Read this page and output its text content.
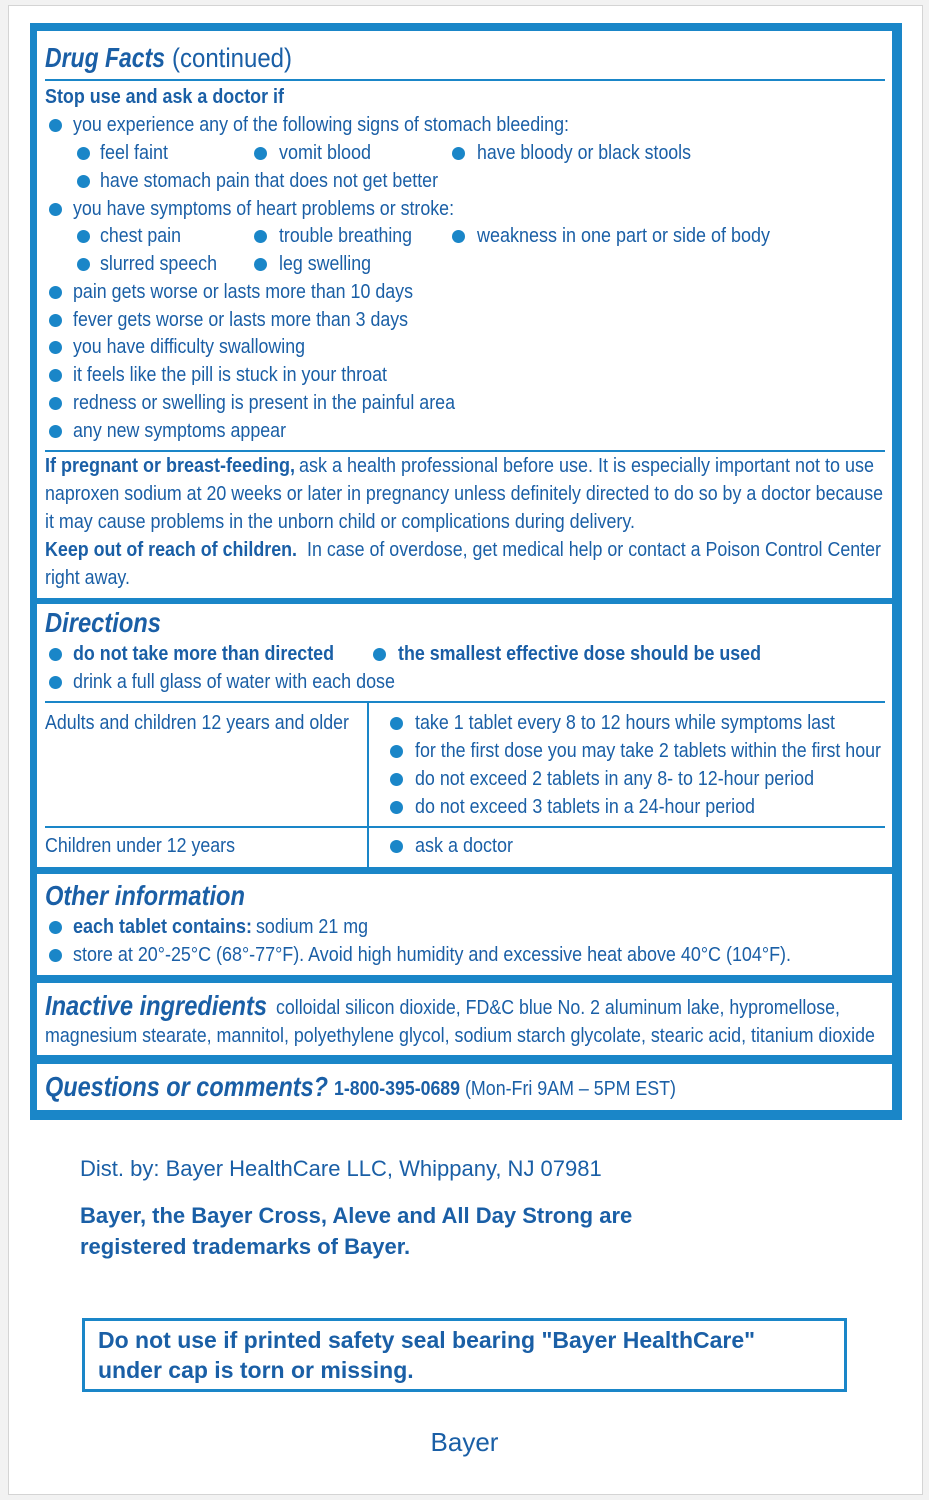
Drug Facts (continued)
Stop use and ask a doctor if
you experience any of the following signs of stomach bleeding:
feel faint	vomit blood	have bloody or black stools
have stomach pain that does not get better
you have symptoms of heart problems or stroke:
chest pain	trouble breathing	weakness in one part or side of body
slurred speech	leg swelling
pain gets worse or lasts more than 10 days
fever gets worse or lasts more than 3 days
you have difficulty swallowing
it feels like the pill is stuck in your throat
redness or swelling is present in the painful area
any new symptoms appear
If pregnant or breast-feeding, ask a health professional before use. It is especially important not to use
naproxen sodium at 20 weeks or later in pregnancy unless definitely directed to do so by a doctor because
it may cause problems in the unborn child or complications during delivery.
Keep out of reach of children. In case of overdose, get medical help or contact a Poison Control Center
right away.
Directions
do not take more than directed	the smallest effective dose should be used
drink a full glass of water with each dose
Adults and children 12 years and older	take 1 tablet every 8 to 12 hours while symptoms last
for the first dose you may take 2 tablets within the first hour
do not exceed 2 tablets in any 8- to 12-hour period
do not exceed 3 tablets in a 24-hour period
Children under 12 years	ask a doctor
Other information
each tablet contains: sodium 21 mg
store at 20°-25°C (68°-77°F). Avoid high humidity and excessive heat above 40°C (104°F).
Inactive ingredients colloidal silicon dioxide, FD&C blue No. 2 aluminum lake, hypromellose,
magnesium stearate, mannitol, polyethylene glycol, sodium starch glycolate, stearic acid, titanium dioxide
Questions or comments? 1-800-395-0689 (Mon-Fri 9AM – 5PM EST)
Dist. by: Bayer HealthCare LLC, Whippany, NJ 07981
Bayer, the Bayer Cross, Aleve and All Day Strong are
registered trademarks of Bayer.
Do not use if printed safety seal bearing "Bayer HealthCare"
under cap is torn or missing.
Bayer
